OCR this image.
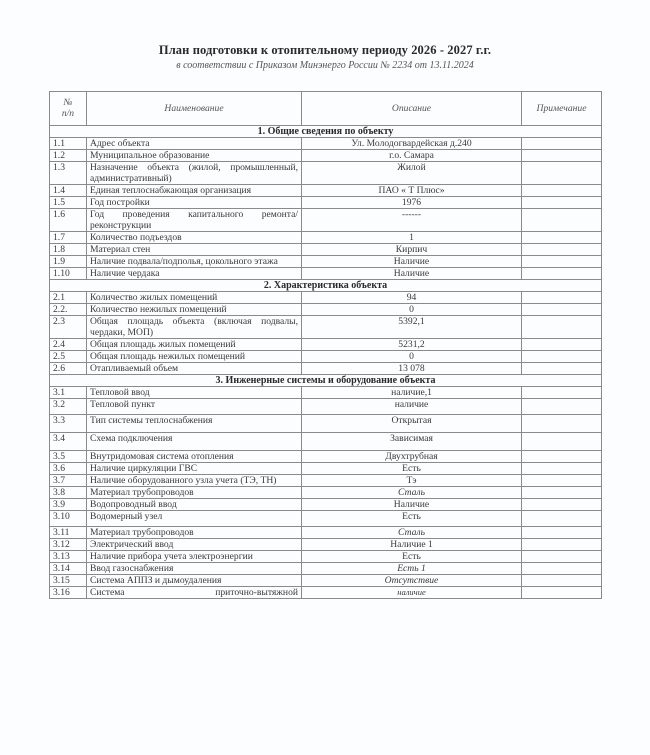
План подготовки к отопительному периоду 2026 - 2027 г.г.
в соответствии с Приказом Минэнерго России № 2234 от 13.11.2024
№
п/п	Наименование	Описание	Примечание
1. Общие сведения по объекту			
1.1	Адрес объекта	Ул. Молодогвардейская д.240	
1.2	Муниципальное образование	г.о. Самара	
1.3	Назначение объекта (жилой, промышленный, административный)	Жилой	
1.4	Единая теплоснабжающая организация	ПАО « Т Плюс»	
1.5	Год постройки	1976	
1.6	Год проведения капитального ремонта/реконструкции	------	
1.7	Количество подъездов	1	
1.8	Материал стен	Кирпич	
1.9	Наличие подвала/подполья, цокольного этажа	Наличие	
1.10	Наличие чердака	Наличие	
2. Характеристика объекта			
2.1	Количество жилых помещений	94	
2.2.	Количество нежилых помещений	0	
2.3	Общая площадь объекта (включая подвалы, чердаки, МОП)	5392,1	
2.4	Общая площадь жилых помещений	5231,2	
2.5	Общая площадь нежилых помещений	0	
2.6	Отапливаемый объем	13 078	
3. Инженерные системы и оборудование объекта			
3.1	Тепловой ввод	наличие,1	
3.2	Тепловой пункт	наличие	
3.3	Тип системы теплоснабжения	Открытая	
3.4	Схема подключения	Зависимая	
3.5	Внутридомовая система отопления	Двухтрубная	
3.6	Наличие циркуляции ГВС	Есть	
3.7	Наличие оборудованного узла учета (ТЭ, ТН)	Тэ	
3.8	Материал трубопроводов	Сталь	
3.9	Водопроводный ввод	Наличие	
3.10	Водомерный узел	Есть	
3.11	Материал трубопроводов	Сталь	
3.12	Электрический ввод	Наличие 1	
3.13	Наличие прибора учета электроэнергии	Есть	
3.14	Ввод газоснабжения	Есть 1	
3.15	Система АППЗ и дымоудаления	Отсутствие	
3.16	Система приточно-вытяжной	наличие	
